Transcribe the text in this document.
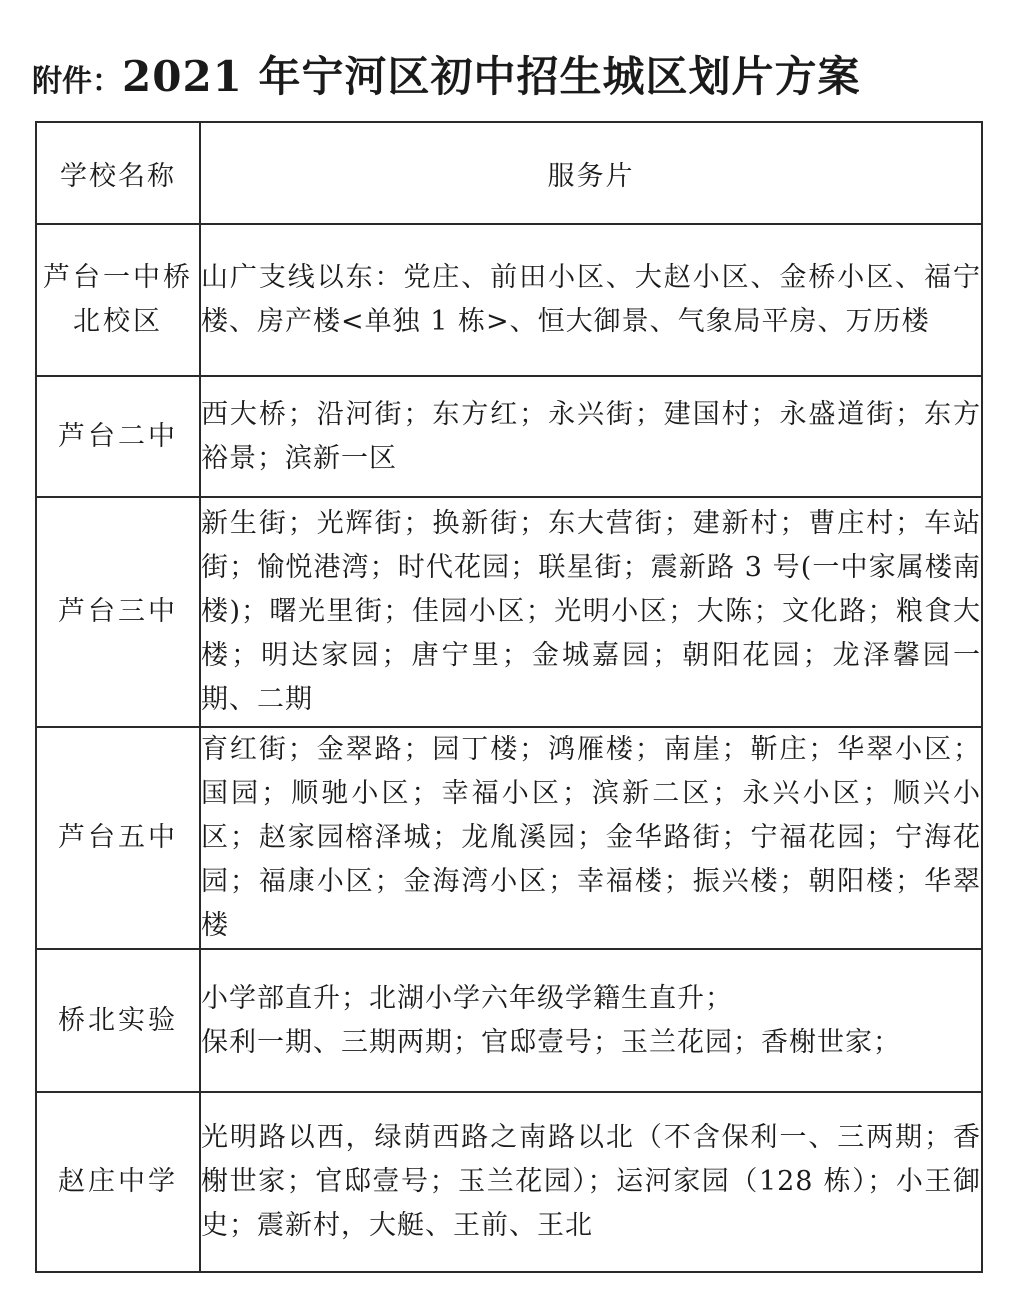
附件： 2021 年宁河区初中招生城区划片方案
学校名称	服务片
芦台一中桥北校区	山广支线以东：党庄、前田小区、大赵小区、金桥小区、福宁楼、房产楼<单独 1 栋>、恒大御景、气象局平房、万历楼
芦台二中	西大桥；沿河街；东方红；永兴街；建国村；永盛道街；东方裕景；滨新一区
芦台三中	新生街；光辉街；换新街；东大营街；建新村；曹庄村；车站街；愉悦港湾；时代花园；联星街；震新路 3 号(一中家属楼南楼)；曙光里街；佳园小区；光明小区；大陈；文化路；粮食大楼；明达家园；唐宁里；金城嘉园；朝阳花园；龙泽馨园一期、二期
芦台五中	育红街；金翠路；园丁楼；鸿雁楼；南崖；靳庄；华翠小区；国园；顺驰小区；幸福小区；滨新二区；永兴小区；顺兴小区；赵家园榕泽城；龙胤溪园；金华路街；宁福花园；宁海花园；福康小区；金海湾小区；幸福楼；振兴楼；朝阳楼；华翠楼
桥北实验	小学部直升；北湖小学六年级学籍生直升；
保利一期、三期两期；官邸壹号；玉兰花园；香榭世家；

赵庄中学	光明路以西，绿荫西路之南路以北（不含保利一、三两期；香榭世家；官邸壹号；玉兰花园）；运河家园（128 栋）；小王御史；震新村，大艇、王前、王北
